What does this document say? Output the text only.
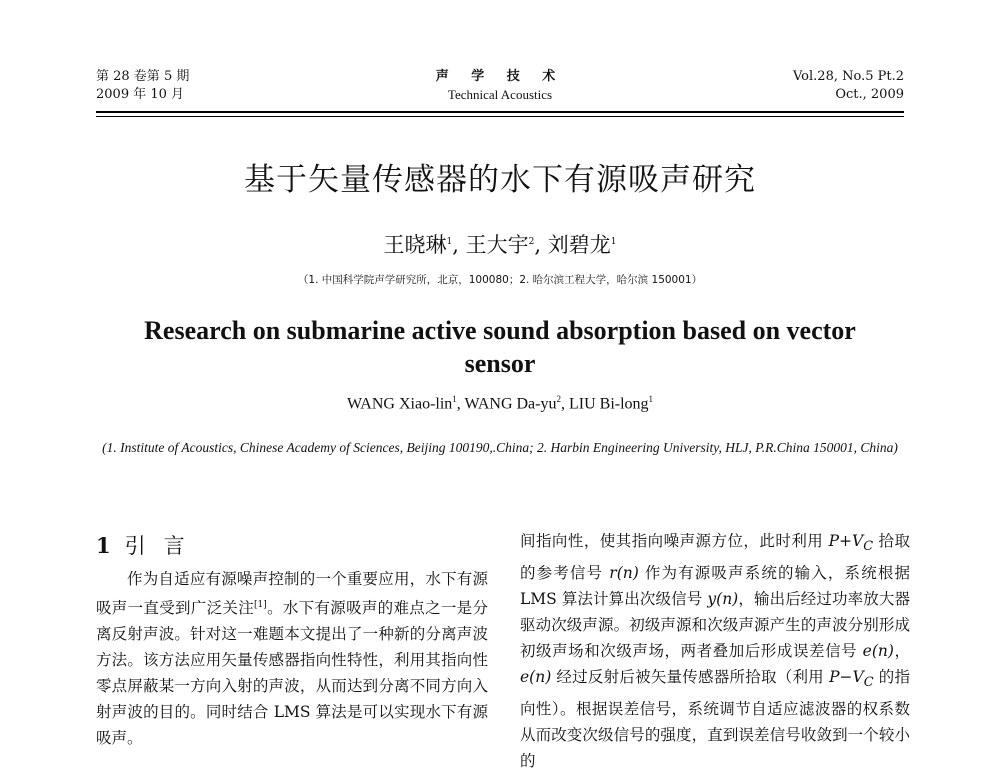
第 28 卷第 5 期
2009 年 10 月
声 学 技 术
Technical Acoustics
Vol.28, No.5 Pt.2
Oct., 2009
基于矢量传感器的水下有源吸声研究
王晓琳$^1$, 王大宇$^2$, 刘碧龙$^1$
（1. 中国科学院声学研究所，北京，100080；2. 哈尔滨工程大学，哈尔滨 150001）
Research on submarine active sound absorption based on vector sensor
WANG Xiao-lin$^1$, WANG $Da-yu^2$, LIU Bi-long$^1$
(1. Institute of Acoustics, Chinese Academy of Sciences, Beijing 100190,.China; 2. Harbin Engineering University, HLJ, P.R.China 150001, China)
1 引言
作为自适应有源噪声控制的一个重要应用，水下有源吸声一直受到广泛关注[1]。水下有源吸声的难点之一是分离反射声波。针对这一难题本文提出了一种新的分离声波方法。该方法应用矢量传感器指向性特性，利用其指向性零点屏蔽某一方向入射的声波，从而达到分离不同方向入射声波的目的。同时结合 LMS 算法是可以实现水下有源吸声。
间指向性，使其指向噪声源方位，此时利用 $P+V_C$ 拾取的参考信号 r(n) 作为有源吸声系统的输入，系统根据 LMS 算法计算出次级信号 y(n)，输出后经过功率放大器驱动次级声源。初级声源和次级声源产生的声波分别形成初级声场和次级声场，两者叠加后形成误差信号 e(n)， e(n) 经过反射后被矢量传感器所拾取（利用 $P-V_C$ 的指向性）。根据误差信号，系统调节自适应滤波器的权系数从而改变次级信号的强度，直到误差信号收敛到一个较小的
